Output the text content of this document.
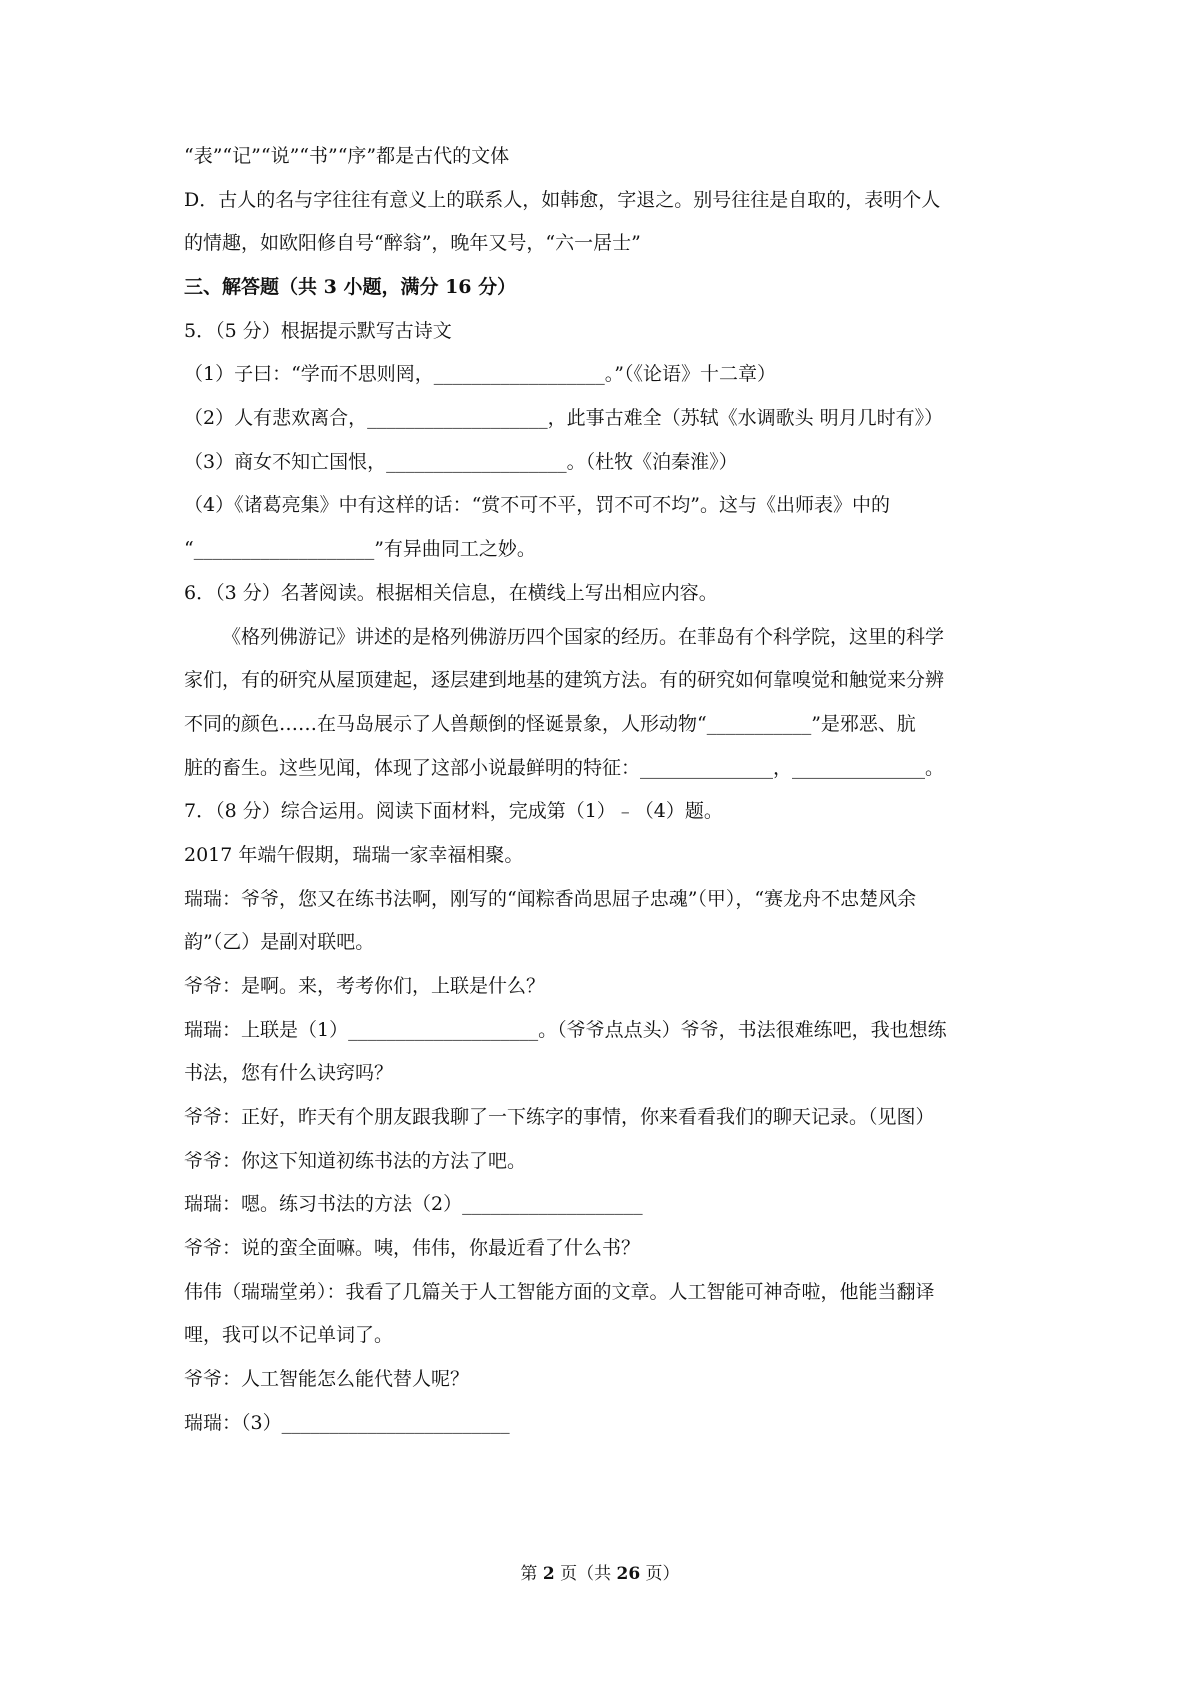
“表”“记”“说”“书”“序”都是古代的文体
D．古人的名与字往往有意义上的联系人，如韩愈，字退之。别号往往是自取的，表明个人
的情趣，如欧阳修自号“醉翁”，晚年又号，“六一居士”
三、解答题（共 3 小题，满分 16 分）
5．（5 分）根据提示默写古诗文
（1）子曰：“学而不思则罔，__________________。”（《论语》十二章）
（2）人有悲欢离合，___________________，此事古难全（苏轼《水调歌头 明月几时有》）
（3）商女不知亡国恨，___________________。（杜牧《泊秦淮》）
（4）《诸葛亮集》中有这样的话：“赏不可不平，罚不可不均”。这与《出师表》中的
“___________________”有异曲同工之妙。
6．（3 分）名著阅读。根据相关信息，在横线上写出相应内容。
《格列佛游记》讲述的是格列佛游历四个国家的经历。在菲岛有个科学院，这里的科学
家们，有的研究从屋顶建起，逐层建到地基的建筑方法。有的研究如何靠嗅觉和触觉来分辨
不同的颜色……在马岛展示了人兽颠倒的怪诞景象，人形动物“___________”是邪恶、肮
脏的畜生。这些见闻，体现了这部小说最鲜明的特征：______________，______________。
7．（8 分）综合运用。阅读下面材料，完成第（1）﹣（4）题。
2017 年端午假期，瑞瑞一家幸福相聚。
瑞瑞：爷爷，您又在练书法啊，刚写的“闻粽香尚思屈子忠魂”（甲），“赛龙舟不忠楚风余
韵”（乙）是副对联吧。
爷爷：是啊。来，考考你们，上联是什么？
瑞瑞：上联是（1）____________________。（爷爷点点头）爷爷，书法很难练吧，我也想练
书法，您有什么诀窍吗？
爷爷：正好，昨天有个朋友跟我聊了一下练字的事情，你来看看我们的聊天记录。（见图）
爷爷：你这下知道初练书法的方法了吧。
瑞瑞：嗯。练习书法的方法（2）___________________
爷爷：说的蛮全面嘛。咦，伟伟，你最近看了什么书？
伟伟（瑞瑞堂弟）：我看了几篇关于人工智能方面的文章。人工智能可神奇啦，他能当翻译
哩，我可以不记单词了。
爷爷：人工智能怎么能代替人呢？
瑞瑞：（3）________________________
第 2 页（共 26 页）
